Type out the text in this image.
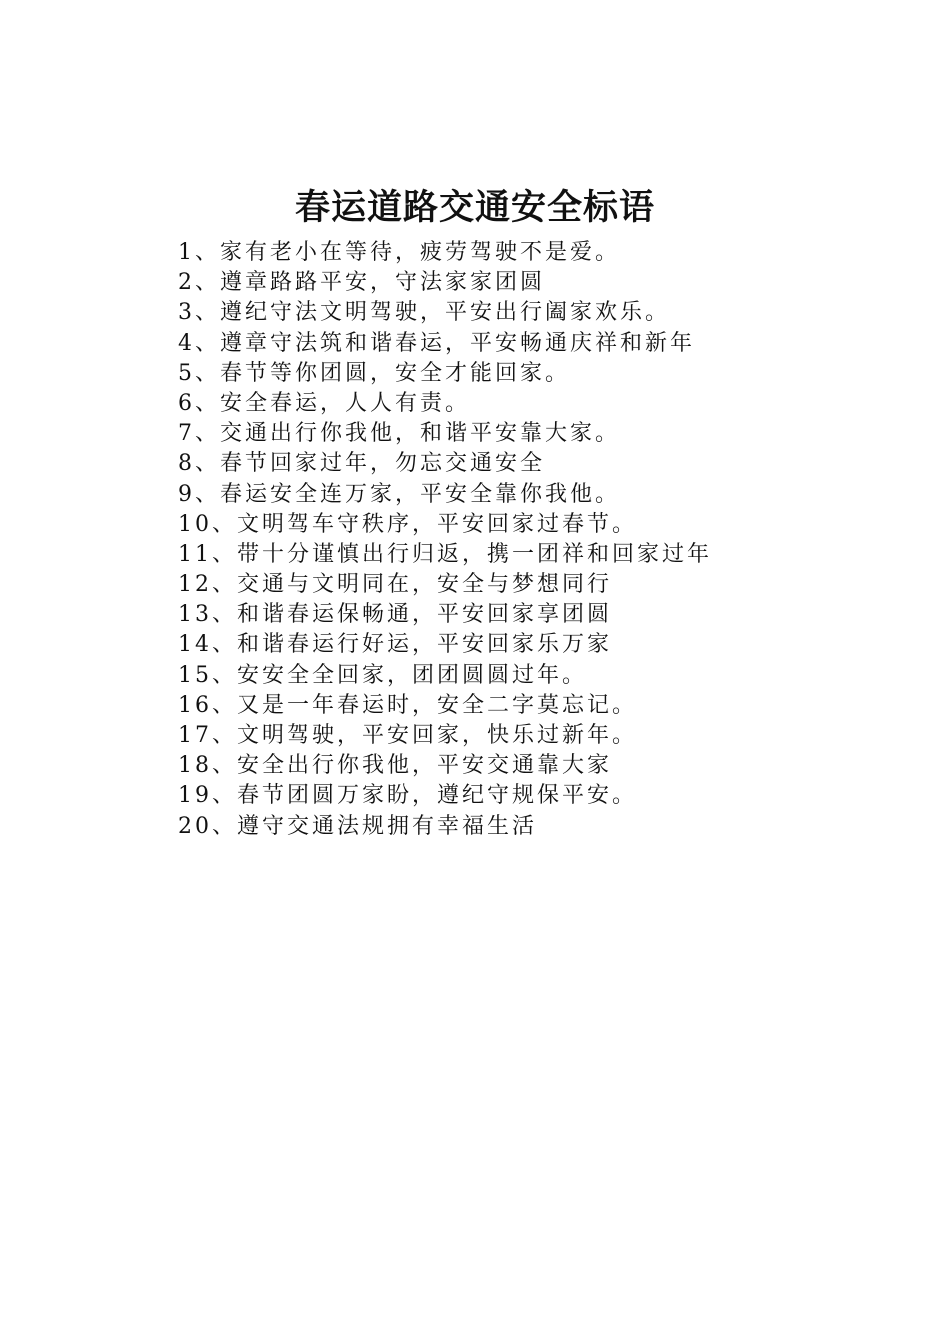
春运道路交通安全标语
1、家有老小在等待，疲劳驾驶不是爱。
2、遵章路路平安，守法家家团圆
3、遵纪守法文明驾驶，平安出行阖家欢乐。
4、遵章守法筑和谐春运，平安畅通庆祥和新年
5、春节等你团圆，安全才能回家。
6、安全春运，人人有责。
7、交通出行你我他，和谐平安靠大家。
8、春节回家过年，勿忘交通安全
9、春运安全连万家，平安全靠你我他。
10、文明驾车守秩序，平安回家过春节。
11、带十分谨慎出行归返，携一团祥和回家过年
12、交通与文明同在，安全与梦想同行
13、和谐春运保畅通，平安回家享团圆
14、和谐春运行好运，平安回家乐万家
15、安安全全回家，团团圆圆过年。
16、又是一年春运时，安全二字莫忘记。
17、文明驾驶，平安回家，快乐过新年。
18、安全出行你我他，平安交通靠大家
19、春节团圆万家盼，遵纪守规保平安。
20、遵守交通法规拥有幸福生活
